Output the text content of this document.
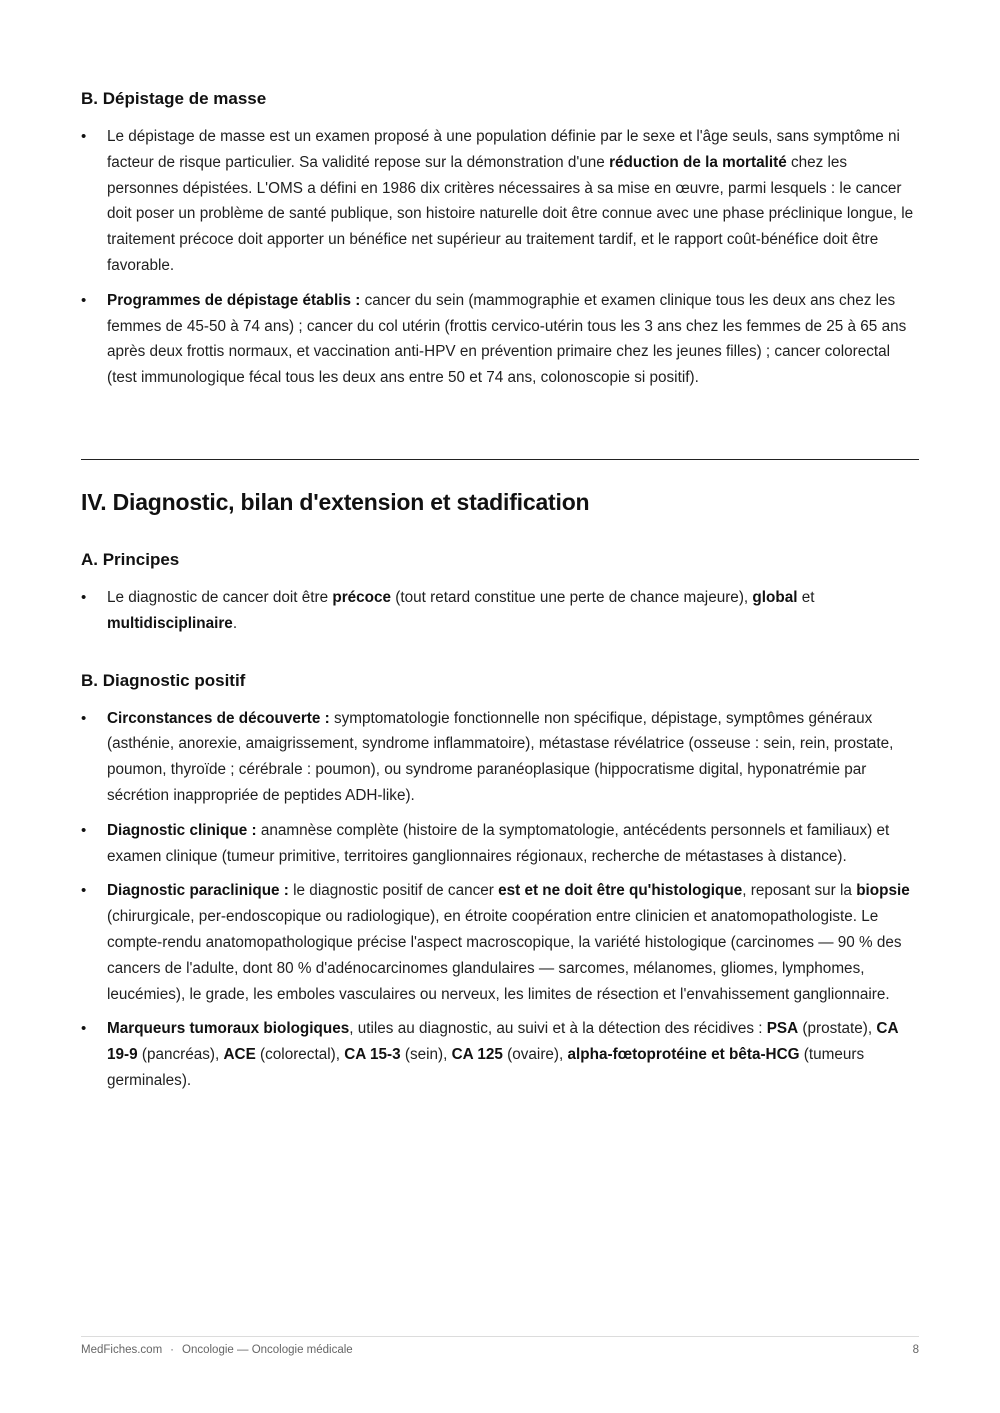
B. Dépistage de masse
• Le dépistage de masse est un examen proposé à une population définie par le sexe et l'âge seuls, sans symptôme ni facteur de risque particulier. Sa validité repose sur la démonstration d'une réduction de la mortalité chez les personnes dépistées. L'OMS a défini en 1986 dix critères nécessaires à sa mise en œuvre, parmi lesquels : le cancer doit poser un problème de santé publique, son histoire naturelle doit être connue avec une phase préclinique longue, le traitement précoce doit apporter un bénéfice net supérieur au traitement tardif, et le rapport coût-bénéfice doit être favorable.
• Programmes de dépistage établis : cancer du sein (mammographie et examen clinique tous les deux ans chez les femmes de 45-50 à 74 ans) ; cancer du col utérin (frottis cervico-utérin tous les 3 ans chez les femmes de 25 à 65 ans après deux frottis normaux, et vaccination anti-HPV en prévention primaire chez les jeunes filles) ; cancer colorectal (test immunologique fécal tous les deux ans entre 50 et 74 ans, colonoscopie si positif).
IV. Diagnostic, bilan d'extension et stadification
A. Principes
• Le diagnostic de cancer doit être précoce (tout retard constitue une perte de chance majeure), global et multidisciplinaire.
B. Diagnostic positif
• Circonstances de découverte : symptomatologie fonctionnelle non spécifique, dépistage, symptômes généraux (asthénie, anorexie, amaigrissement, syndrome inflammatoire), métastase révélatrice (osseuse : sein, rein, prostate, poumon, thyroïde ; cérébrale : poumon), ou syndrome paranéoplasique (hippocratisme digital, hyponatrémie par sécrétion inappropriée de peptides ADH-like).
• Diagnostic clinique : anamnèse complète (histoire de la symptomatologie, antécédents personnels et familiaux) et examen clinique (tumeur primitive, territoires ganglionnaires régionaux, recherche de métastases à distance).
• Diagnostic paraclinique : le diagnostic positif de cancer est et ne doit être qu'histologique, reposant sur la biopsie (chirurgicale, per-endoscopique ou radiologique), en étroite coopération entre clinicien et anatomopathologiste. Le compte-rendu anatomopathologique précise l'aspect macroscopique, la variété histologique (carcinomes — 90 % des cancers de l'adulte, dont 80 % d'adénocarcinomes glandulaires — sarcomes, mélanomes, gliomes, lymphomes, leucémies), le grade, les emboles vasculaires ou nerveux, les limites de résection et l'envahissement ganglionnaire.
• Marqueurs tumoraux biologiques, utiles au diagnostic, au suivi et à la détection des récidives : PSA (prostate), CA 19-9 (pancréas), ACE (colorectal), CA 15-3 (sein), CA 125 (ovaire), alpha-fœtoprotéine et bêta-HCG (tumeurs germinales).
MedFiches.com · Oncologie — Oncologie médicale	8
